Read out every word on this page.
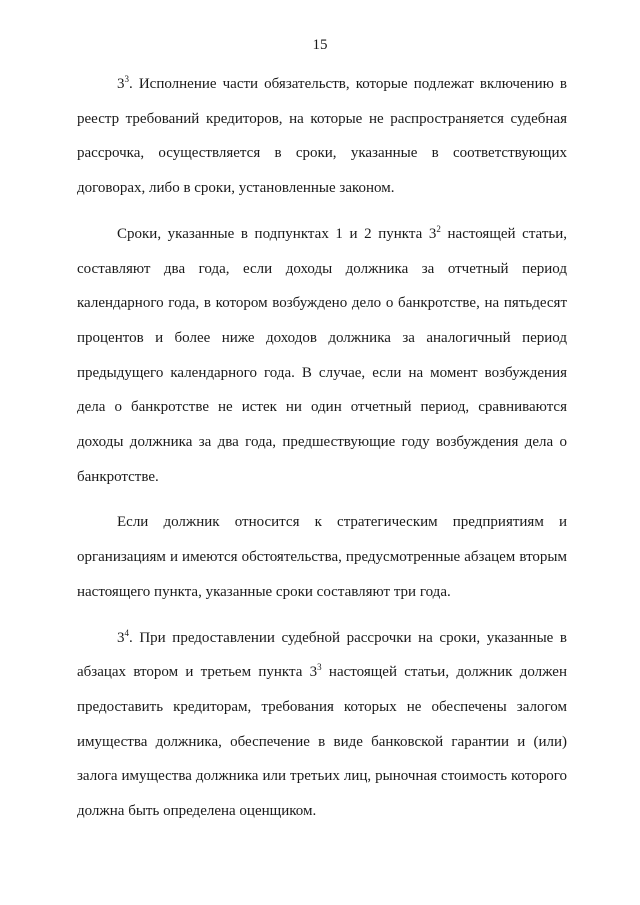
15

$3^3$. Исполнение части обязательств, которые подлежат включению в реестр требований кредиторов, на которые не распространяется судебная рассрочка, осуществляется в сроки, указанные в соответствующих договорах, либо в сроки, установленные законом.

Сроки, указанные в подпунктах 1 и 2 пункта $3^2$ настоящей статьи, составляют два года, если доходы должника за отчетный период календарного года, в котором возбуждено дело о банкротстве, на пятьдесят процентов и более ниже доходов должника за аналогичный период предыдущего календарного года. В случае, если на момент возбуждения дела о банкротстве не истек ни один отчетный период, сравниваются доходы должника за два года, предшествующие году возбуждения дела о банкротстве.

Если должник относится к стратегическим предприятиям и организациям и имеются обстоятельства, предусмотренные абзацем вторым настоящего пункта, указанные сроки составляют три года.

$3^4$. При предоставлении судебной рассрочки на сроки, указанные в абзацах втором и третьем пункта $3^3$ настоящей статьи, должник должен предоставить кредиторам, требования которых не обеспечены залогом имущества должника, обеспечение в виде банковской гарантии и (или) залога имущества должника или третьих лиц, рыночная стоимость которого должна быть определена оценщиком.
